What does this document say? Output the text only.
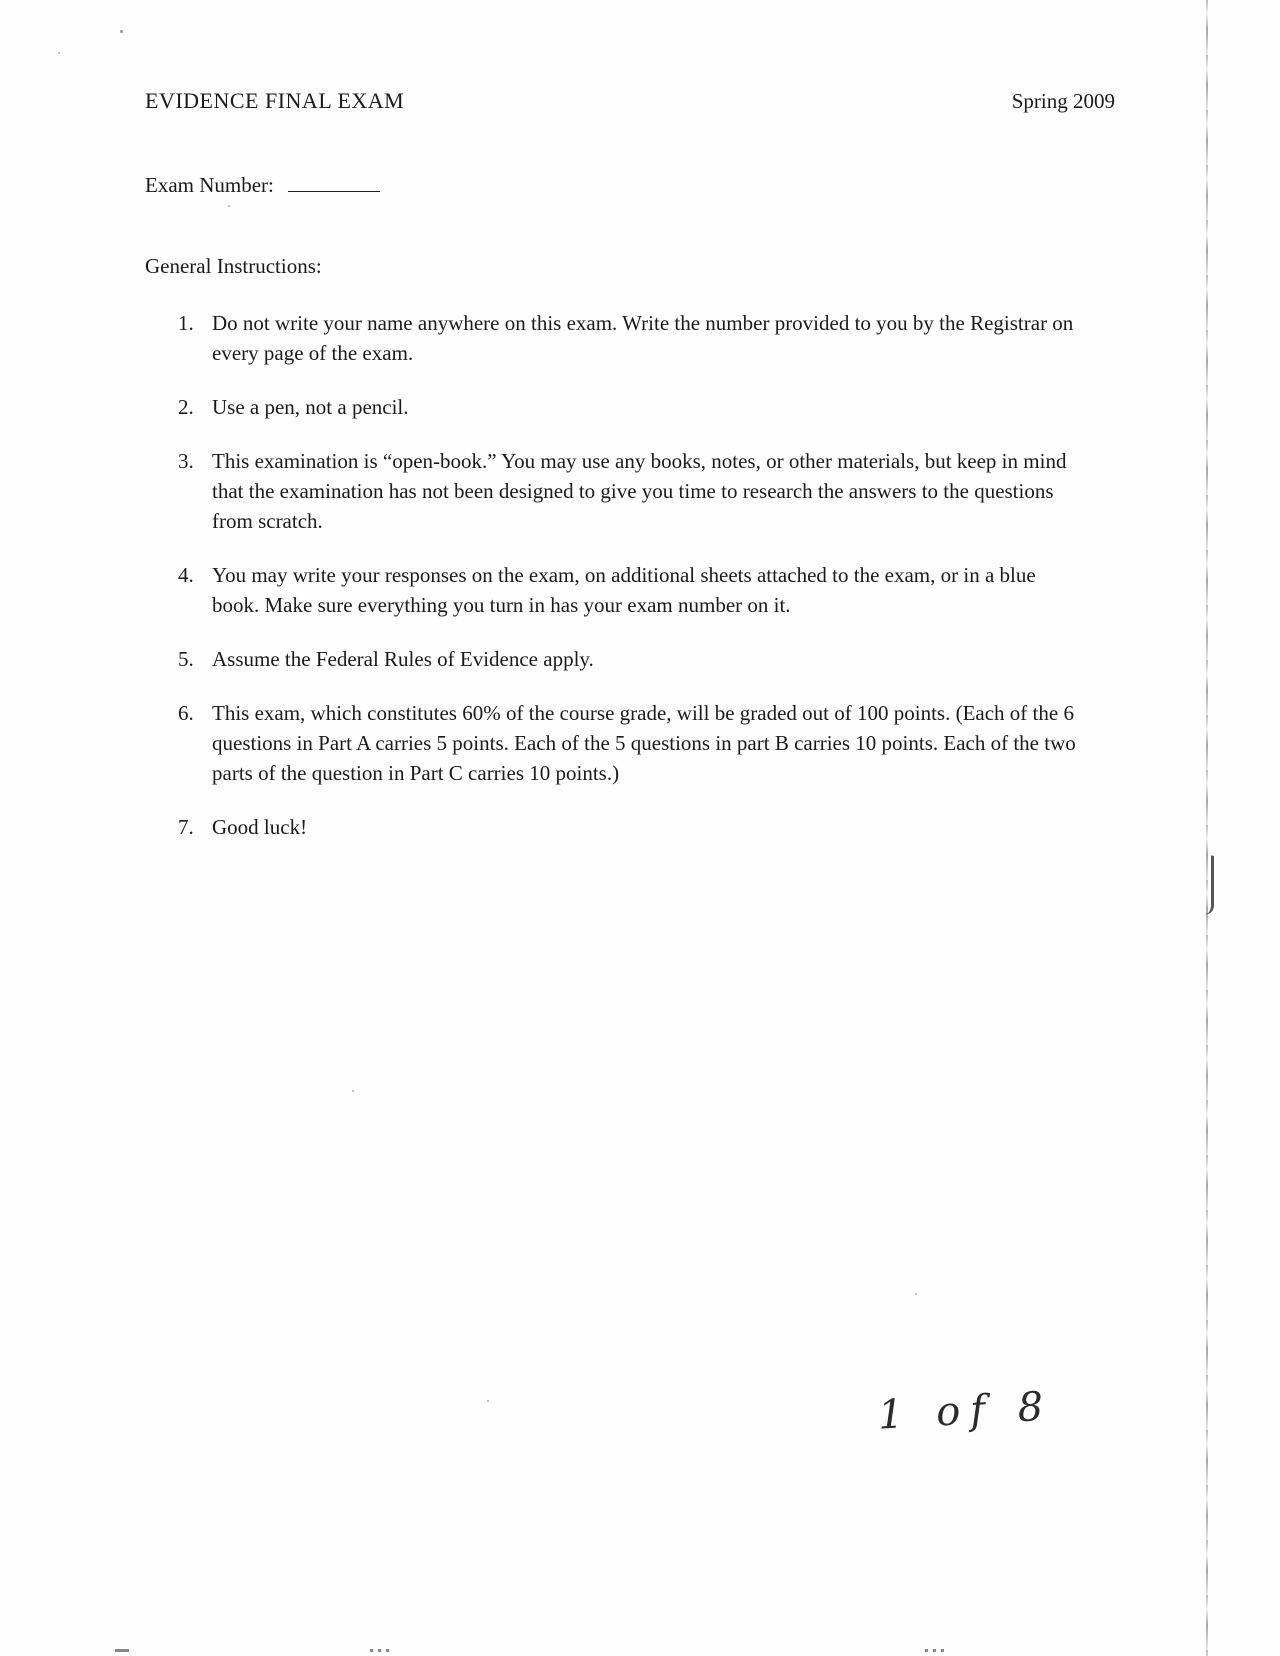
EVIDENCE FINAL EXAM	Spring 2009
Exam Number:
General Instructions:
1. Do not write your name anywhere on this exam. Write the number provided to you by the Registrar on every page of the exam.
2. Use a pen, not a pencil.
3. This examination is “open-book.” You may use any books, notes, or other materials, but keep in mind that the examination has not been designed to give you time to research the answers to the questions from scratch.
4. You may write your responses on the exam, on additional sheets attached to the exam, or in a blue book. Make sure everything you turn in has your exam number on it.
5. Assume the Federal Rules of Evidence apply.
6. This exam, which constitutes 60% of the course grade, will be graded out of 100 points. (Each of the 6 questions in Part A carries 5 points. Each of the 5 questions in part B carries 10 points. Each of the two parts of the question in Part C carries 10 points.)
7. Good luck!
1 of 8
